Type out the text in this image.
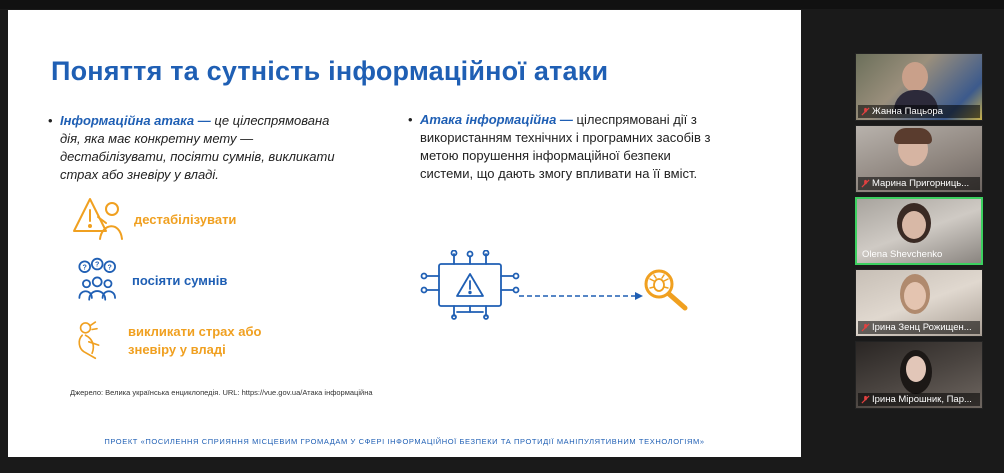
Поняття та сутність інформаційної атаки
• Інформаційна атака — це цілеспрямована дія, яка має конкретну мету — дестабілізувати, посіяти сумнів, викликати страх або зневіру у владі.
• Атака інформаційна — цілеспрямовані дії з використанням технічних і програмних засобів з метою порушення інформаційної безпеки системи, що дають змогу впливати на її вміст.
дестабілізувати
? ? ?
посіяти сумнів
викликати страх або зневіру у владі
Джерело: Велика українська енциклопедія. URL: https://vue.gov.ua/Атака інформаційна
ПРОЕКТ «ПОСИЛЕННЯ СПРИЯННЯ МІСЦЕВИМ ГРОМАДАМ У СФЕРІ ІНФОРМАЦІЙНОЇ БЕЗПЕКИ ТА ПРОТИДІЇ МАНІПУЛЯТИВНИМ ТЕХНОЛОГІЯМ»
Жанна Пацьора
Марина Пригорниць...
Olena Shevchenko
Ірина Зенц Рожищен...
Ірина Мірошник, Пар...
